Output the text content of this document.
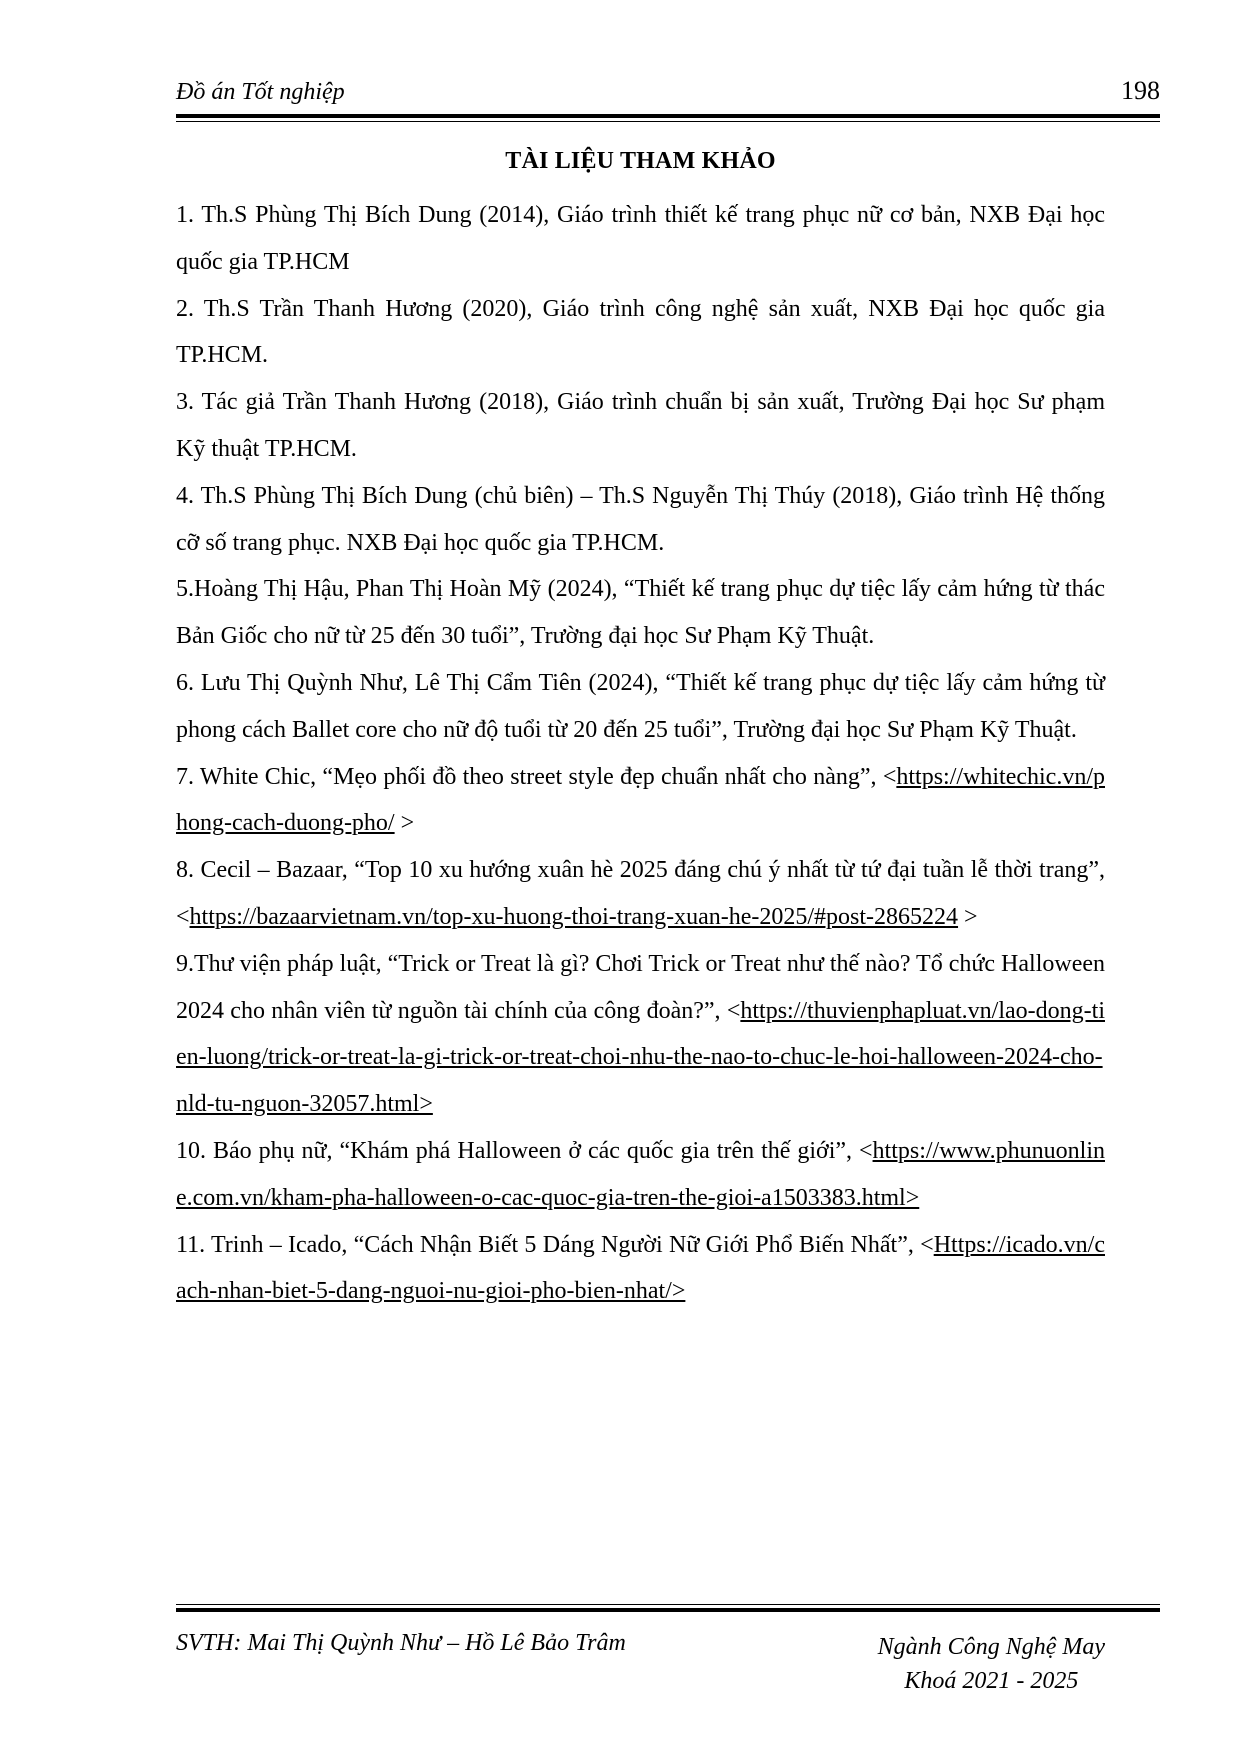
Đồ án Tốt nghiệp	198
TÀI LIỆU THAM KHẢO
1. Th.S Phùng Thị Bích Dung (2014), Giáo trình thiết kế trang phục nữ cơ bản, NXB Đại học quốc gia TP.HCM
2. Th.S Trần Thanh Hương (2020), Giáo trình công nghệ sản xuất, NXB Đại học quốc gia TP.HCM.
3. Tác giả Trần Thanh Hương (2018), Giáo trình chuẩn bị sản xuất, Trường Đại học Sư phạm Kỹ thuật TP.HCM.
4. Th.S Phùng Thị Bích Dung (chủ biên) – Th.S Nguyễn Thị Thúy (2018), Giáo trình Hệ thống cỡ số trang phục. NXB Đại học quốc gia TP.HCM.
5.Hoàng Thị Hậu, Phan Thị Hoàn Mỹ (2024), “Thiết kế trang phục dự tiệc lấy cảm hứng từ thác Bản Giốc cho nữ từ 25 đến 30 tuổi”, Trường đại học Sư Phạm Kỹ Thuật.
6. Lưu Thị Quỳnh Như, Lê Thị Cẩm Tiên (2024), “Thiết kế trang phục dự tiệc lấy cảm hứng từ phong cách Ballet core cho nữ độ tuổi từ 20 đến 25 tuổi”, Trường đại học Sư Phạm Kỹ Thuật.
7. White Chic, “Mẹo phối đồ theo street style đẹp chuẩn nhất cho nàng”, <https://whitechic.vn/phong-cach-duong-pho/ >
8. Cecil – Bazaar, “Top 10 xu hướng xuân hè 2025 đáng chú ý nhất từ tứ đại tuần lễ thời trang”,<https://bazaarvietnam.vn/top-xu-huong-thoi-trang-xuan-he-2025/#post-2865224 >
9.Thư viện pháp luật, “Trick or Treat là gì? Chơi Trick or Treat như thế nào? Tổ chức Halloween 2024 cho nhân viên từ nguồn tài chính của công đoàn?”, <https://thuvienphapluat.vn/lao-dong-tien-luong/trick-or-treat-la-gi-trick-or-treat-choi-nhu-the-nao-to-chuc-le-hoi-halloween-2024-cho-nld-tu-nguon-32057.html>
10. Báo phụ nữ, “Khám phá Halloween ở các quốc gia trên thế giới”, <https://www.phunuonline.com.vn/kham-pha-halloween-o-cac-quoc-gia-tren-the-gioi-a1503383.html>
11. Trinh – Icado, “Cách Nhận Biết 5 Dáng Người Nữ Giới Phổ Biến Nhất”, <Https://icado.vn/cach-nhan-biet-5-dang-nguoi-nu-gioi-pho-bien-nhat/>
SVTH: Mai Thị Quỳnh Như – Hồ Lê Bảo Trâm	Ngành Công Nghệ May
Khoá 2021 - 2025
